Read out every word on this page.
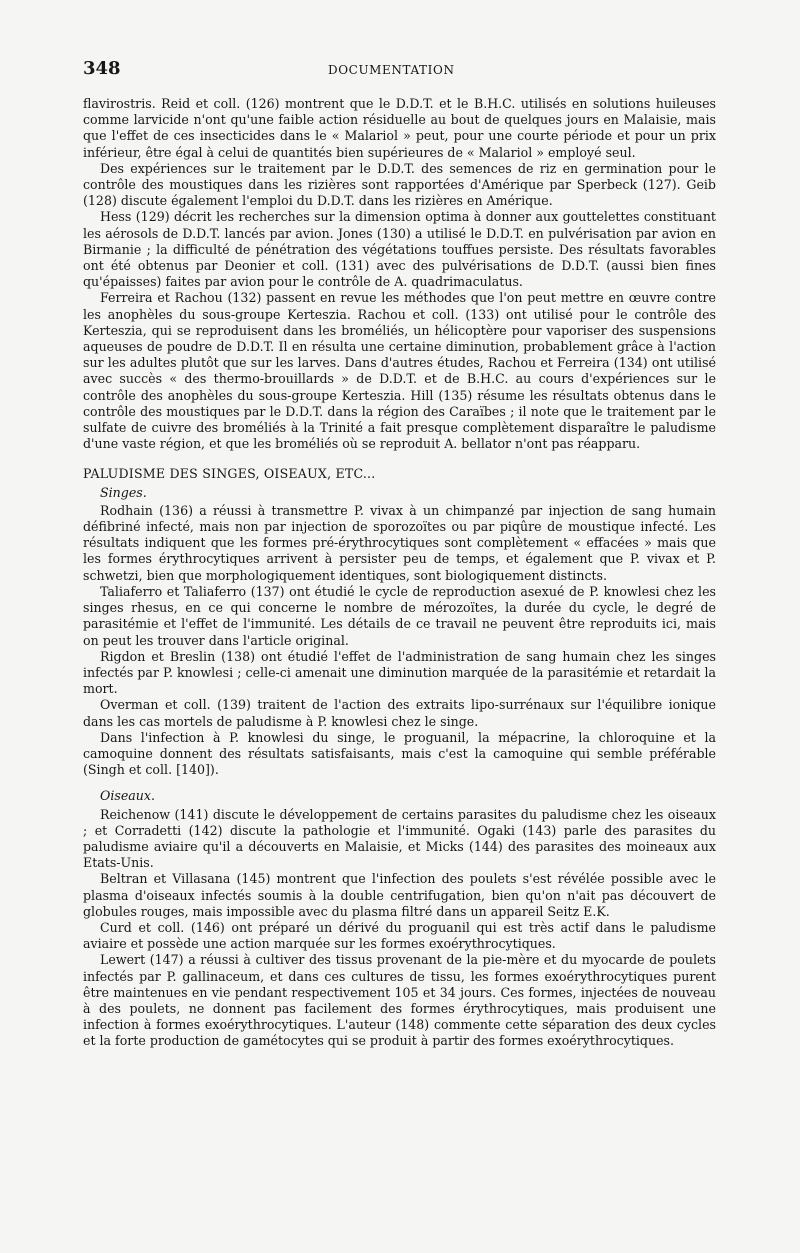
348	DOCUMENTATION

flavirostris. Reid et coll. (126) montrent que le D.D.T. et le B.H.C. utilisés en solutions huileuses comme larvicide n'ont qu'une faible action résiduelle au bout de quelques jours en Malaisie, mais que l'effet de ces insecticides dans le « Malariol » peut, pour une courte période et pour un prix inférieur, être égal à celui de quantités bien supérieures de « Malariol » employé seul.

Des expériences sur le traitement par le D.D.T. des semences de riz en germination pour le contrôle des moustiques dans les rizières sont rapportées d'Amérique par Sperbeck (127). Geib (128) discute également l'emploi du D.D.T. dans les rizières en Amérique.

Hess (129) décrit les recherches sur la dimension optima à donner aux gouttelettes constituant les aérosols de D.D.T. lancés par avion. Jones (130) a utilisé le D.D.T. en pulvérisation par avion en Birmanie ; la difficulté de pénétration des végétations touffues persiste. Des résultats favorables ont été obtenus par Deonier et coll. (131) avec des pulvérisations de D.D.T. (aussi bien fines qu'épaisses) faites par avion pour le contrôle de A. quadrimaculatus.

Ferreira et Rachou (132) passent en revue les méthodes que l'on peut mettre en œuvre contre les anophèles du sous-groupe Kerteszia. Rachou et coll. (133) ont utilisé pour le contrôle des Kerteszia, qui se reproduisent dans les broméliés, un hélicoptère pour vaporiser des suspensions aqueuses de poudre de D.D.T. Il en résulta une certaine diminution, probablement grâce à l'action sur les adultes plutôt que sur les larves. Dans d'autres études, Rachou et Ferreira (134) ont utilisé avec succès « des thermo-brouillards » de D.D.T. et de B.H.C. au cours d'expériences sur le contrôle des anophèles du sous-groupe Kerteszia. Hill (135) résume les résultats obtenus dans le contrôle des moustiques par le D.D.T. dans la région des Caraïbes ; il note que le traitement par le sulfate de cuivre des broméliés à la Trinité a fait presque complètement disparaître le paludisme d'une vaste région, et que les broméliés où se reproduit A. bellator n'ont pas réapparu.

PALUDISME DES SINGES, OISEAUX, ETC...
Singes.

Rodhain (136) a réussi à transmettre P. vivax à un chimpanzé par injection de sang humain défibriné infecté, mais non par injection de sporozoïtes ou par piqûre de moustique infecté. Les résultats indiquent que les formes pré-érythrocytiques sont complètement « effacées » mais que les formes érythrocytiques arrivent à persister peu de temps, et également que P. vivax et P. schwetzi, bien que morphologiquement identiques, sont biologiquement distincts.

Taliaferro et Taliaferro (137) ont étudié le cycle de reproduction asexué de P. knowlesi chez les singes rhesus, en ce qui concerne le nombre de mérozoïtes, la durée du cycle, le degré de parasitémie et l'effet de l'immunité. Les détails de ce travail ne peuvent être reproduits ici, mais on peut les trouver dans l'article original.

Rigdon et Breslin (138) ont étudié l'effet de l'administration de sang humain chez les singes infectés par P. knowlesi ; celle-ci amenait une diminution marquée de la parasitémie et retardait la mort.

Overman et coll. (139) traitent de l'action des extraits lipo-surrénaux sur l'équilibre ionique dans les cas mortels de paludisme à P. knowlesi chez le singe.

Dans l'infection à P. knowlesi du singe, le proguanil, la mépacrine, la chloroquine et la camoquine donnent des résultats satisfaisants, mais c'est la camoquine qui semble préférable (Singh et coll. [140]).

Oiseaux.

Reichenow (141) discute le développement de certains parasites du paludisme chez les oiseaux ; et Corradetti (142) discute la pathologie et l'immunité. Ogaki (143) parle des parasites du paludisme aviaire qu'il a découverts en Malaisie, et Micks (144) des parasites des moineaux aux Etats-Unis.

Beltran et Villasana (145) montrent que l'infection des poulets s'est révélée possible avec le plasma d'oiseaux infectés soumis à la double centrifugation, bien qu'on n'ait pas découvert de globules rouges, mais impossible avec du plasma filtré dans un appareil Seitz E.K.

Curd et coll. (146) ont préparé un dérivé du proguanil qui est très actif dans le paludisme aviaire et possède une action marquée sur les formes exoérythrocytiques.

Lewert (147) a réussi à cultiver des tissus provenant de la pie-mère et du myocarde de poulets infectés par P. gallinaceum, et dans ces cultures de tissu, les formes exoérythrocytiques purent être maintenues en vie pendant respectivement 105 et 34 jours. Ces formes, injectées de nouveau à des poulets, ne donnent pas facilement des formes érythrocytiques, mais produisent une infection à formes exoérythrocytiques. L'auteur (148) commente cette séparation des deux cycles et la forte production de gamétocytes qui se produit à partir des formes exoérythrocytiques.
